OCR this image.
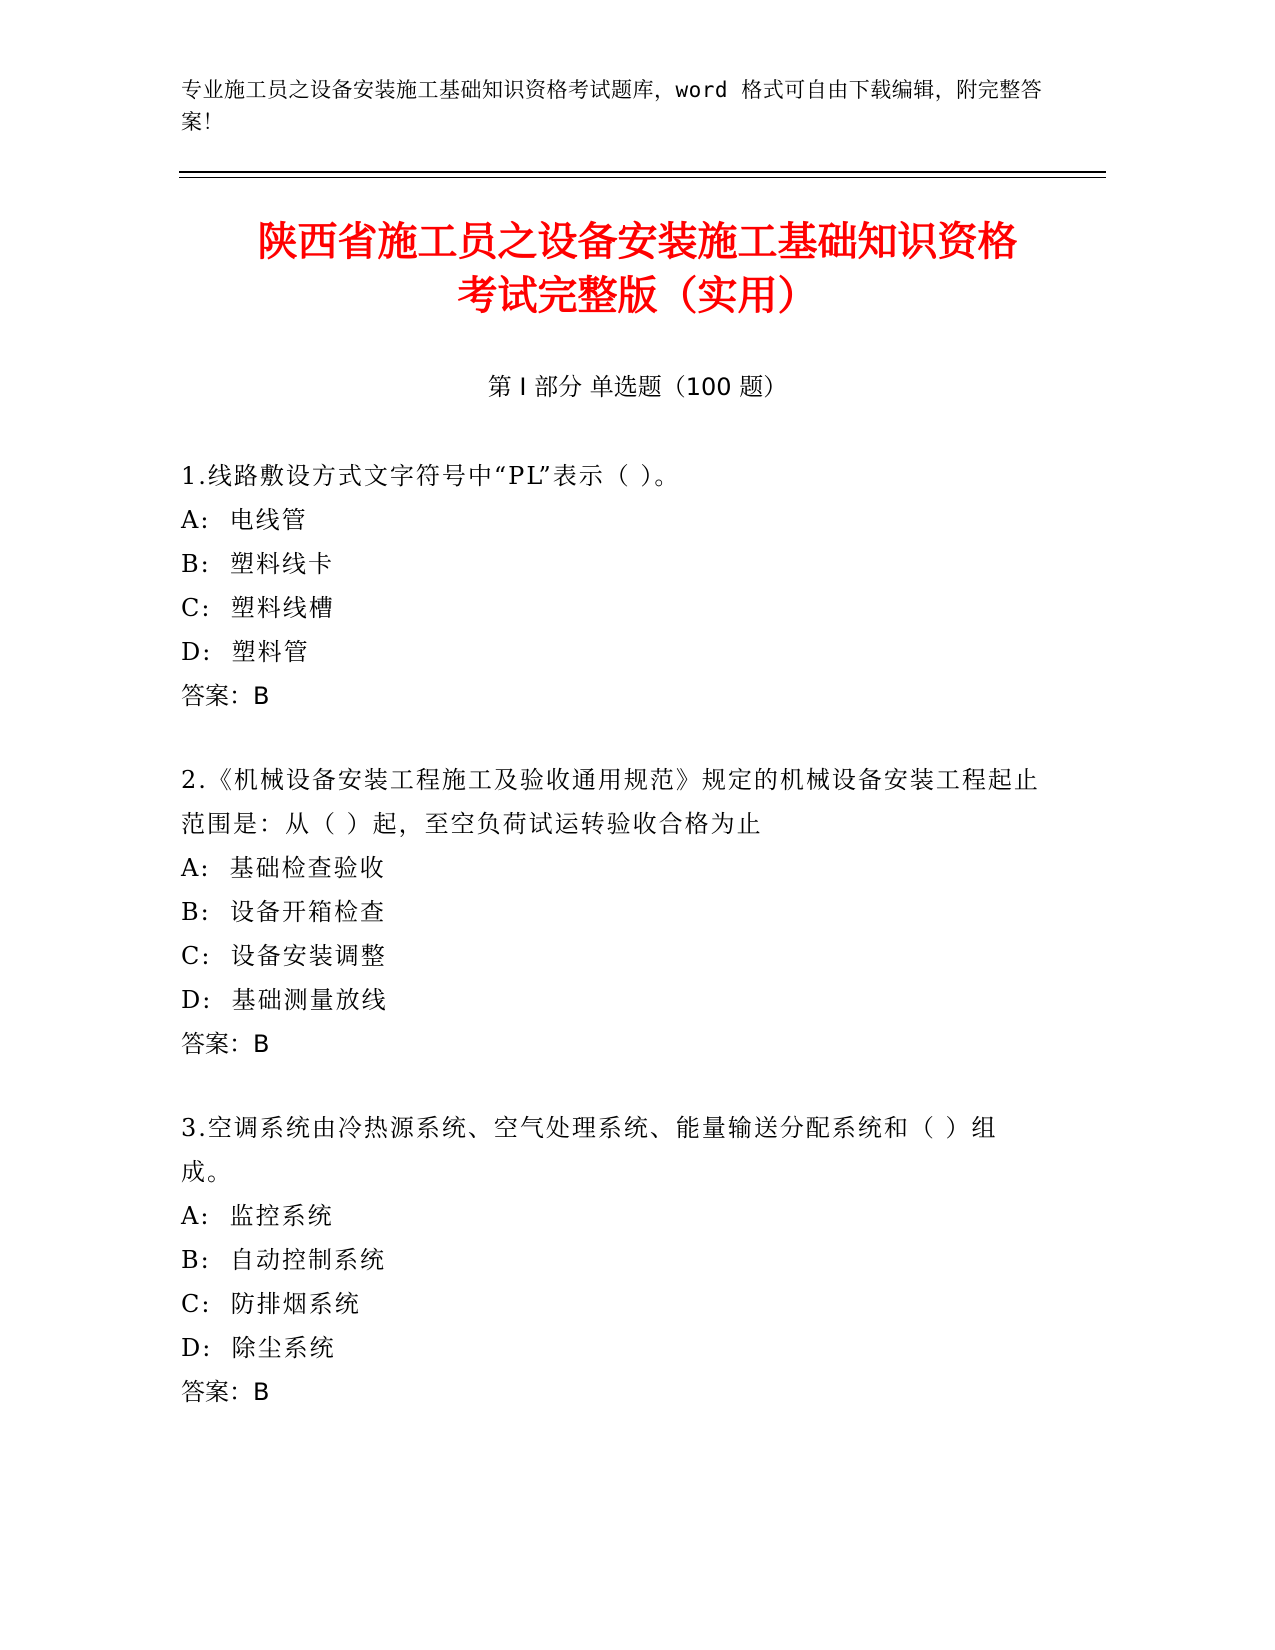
专业施工员之设备安装施工基础知识资格考试题库，word 格式可自由下载编辑，附完整答案！
陕西省施工员之设备安装施工基础知识资格
考试完整版（实用）
第 I 部分 单选题（100 题）
1.线路敷设方式文字符号中“PL”表示（ ）。
A:  电线管
B:  塑料线卡
C:  塑料线槽
D:  塑料管
答案：B
2.《机械设备安装工程施工及验收通用规范》规定的机械设备安装工程起止范围是：从（ ）起，至空负荷试运转验收合格为止
A:  基础检查验收
B:  设备开箱检查
C:  设备安装调整
D:  基础测量放线
答案：B
3.空调系统由冷热源系统、空气处理系统、能量输送分配系统和（ ）组成。
A:  监控系统
B:  自动控制系统
C:  防排烟系统
D:  除尘系统
答案：B
